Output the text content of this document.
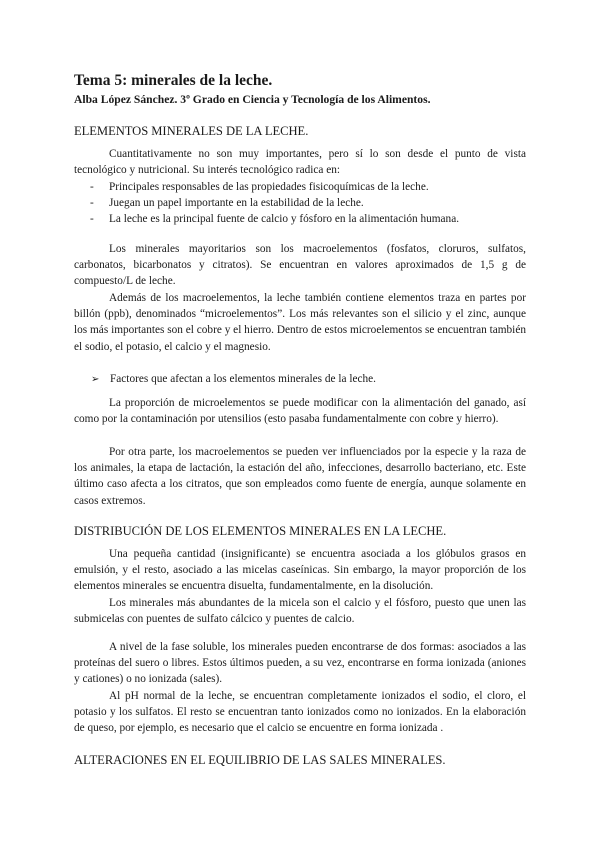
Tema 5: minerales de la leche.

Alba López Sánchez. 3º Grado en Ciencia y Tecnología de los Alimentos.

ELEMENTOS MINERALES DE LA LECHE.

Cuantitativamente no son muy importantes, pero sí lo son desde el punto de vista tecnológico y nutricional. Su interés tecnológico radica en:

- Principales responsables de las propiedades fisicoquímicas de la leche.
- Juegan un papel importante en la estabilidad de la leche.
- La leche es la principal fuente de calcio y fósforo en la alimentación humana.

Los minerales mayoritarios son los macroelementos (fosfatos, cloruros, sulfatos, carbonatos, bicarbonatos y citratos). Se encuentran en valores aproximados de 1,5 g de compuesto/L de leche.

Además de los macroelementos, la leche también contiene elementos traza en partes por billón (ppb), denominados “microelementos”. Los más relevantes son el silicio y el zinc, aunque los más importantes son el cobre y el hierro. Dentro de estos microelementos se encuentran también el sodio, el potasio, el calcio y el magnesio.

➢ Factores que afectan a los elementos minerales de la leche.

La proporción de microelementos se puede modificar con la alimentación del ganado, así como por la contaminación por utensilios (esto pasaba fundamentalmente con cobre y hierro).

Por otra parte, los macroelementos se pueden ver influenciados por la especie y la raza de los animales, la etapa de lactación, la estación del año, infecciones, desarrollo bacteriano, etc. Este último caso afecta a los citratos, que son empleados como fuente de energía, aunque solamente en casos extremos.

DISTRIBUCIÓN DE LOS ELEMENTOS MINERALES EN LA LECHE.

Una pequeña cantidad (insignificante) se encuentra asociada a los glóbulos grasos en emulsión, y el resto, asociado a las micelas caseínicas. Sin embargo, la mayor proporción de los elementos minerales se encuentra disuelta, fundamentalmente, en la disolución.

Los minerales más abundantes de la micela son el calcio y el fósforo, puesto que unen las submicelas con puentes de sulfato cálcico y puentes de calcio.

A nivel de la fase soluble, los minerales pueden encontrarse de dos formas: asociados a las proteínas del suero o libres. Estos últimos pueden, a su vez, encontrarse en forma ionizada (aniones y cationes) o no ionizada (sales).

Al pH normal de la leche, se encuentran completamente ionizados el sodio, el cloro, el potasio y los sulfatos. El resto se encuentran tanto ionizados como no ionizados. En la elaboración de queso, por ejemplo, es necesario que el calcio se encuentre en forma ionizada .

ALTERACIONES EN EL EQUILIBRIO DE LAS SALES MINERALES.
